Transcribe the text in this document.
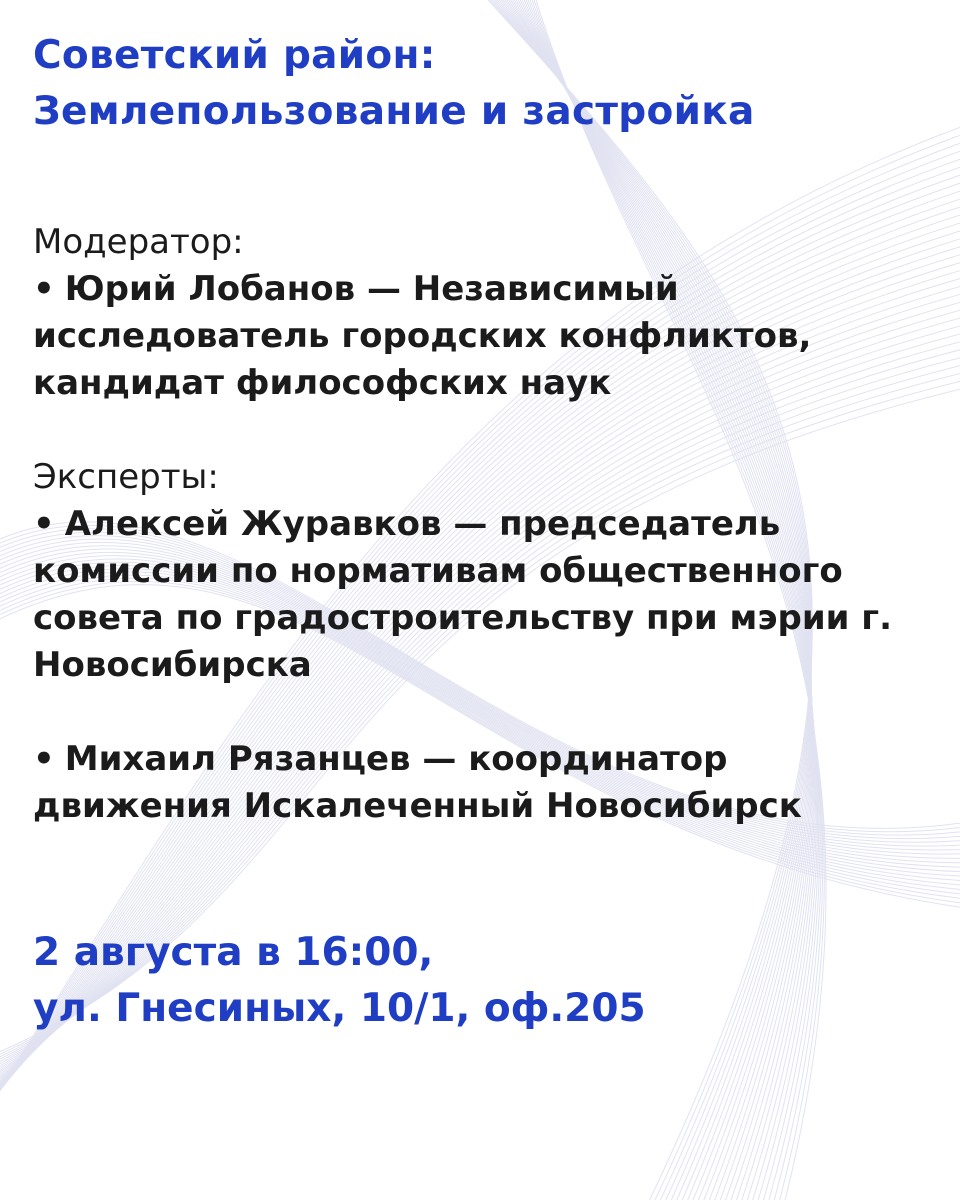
Советский район:

Землепользование и застройка

Модератор:

• Юрий Лобанов — Независимый исследователь городских конфликтов, кандидат философских наук

Эксперты:

• Алексей Журавков — председатель комиссии по нормативам общественного совета по градостроительству при мэрии г. Новосибирска

• Михаил Рязанцев — координатор движения Искалеченный Новосибирск

2 августа в 16:00,

ул. Гнесиных, 10/1, оф.205
